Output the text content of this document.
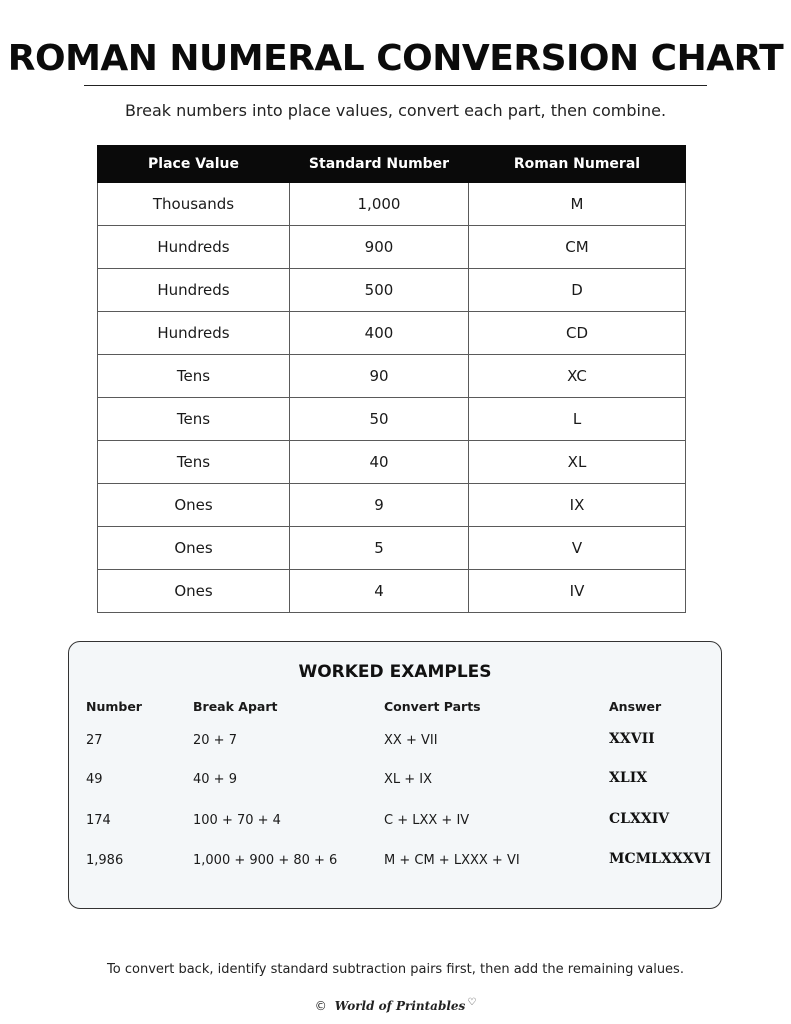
ROMAN NUMERAL CONVERSION CHART
Break numbers into place values, convert each part, then combine.
Place Value	Standard Number	Roman Numeral
Thousands	1,000	M
Hundreds	900	CM
Hundreds	500	D
Hundreds	400	CD
Tens	90	XC
Tens	50	L
Tens	40	XL
Ones	9	IX
Ones	5	V
Ones	4	IV
WORKED EXAMPLES
Number	Break Apart	Convert Parts	Answer
27	20 + 7	XX + VII	XXVII
49	40 + 9	XL + IX	XLIX
174	100 + 70 + 4	C + LXX + IV	CLXXIV
1,986	1,000 + 900 + 80 + 6	M + CM + LXXX + VI	MCMLXXXVI
To convert back, identify standard subtraction pairs first, then add the remaining values.
© World of Printables ♡
